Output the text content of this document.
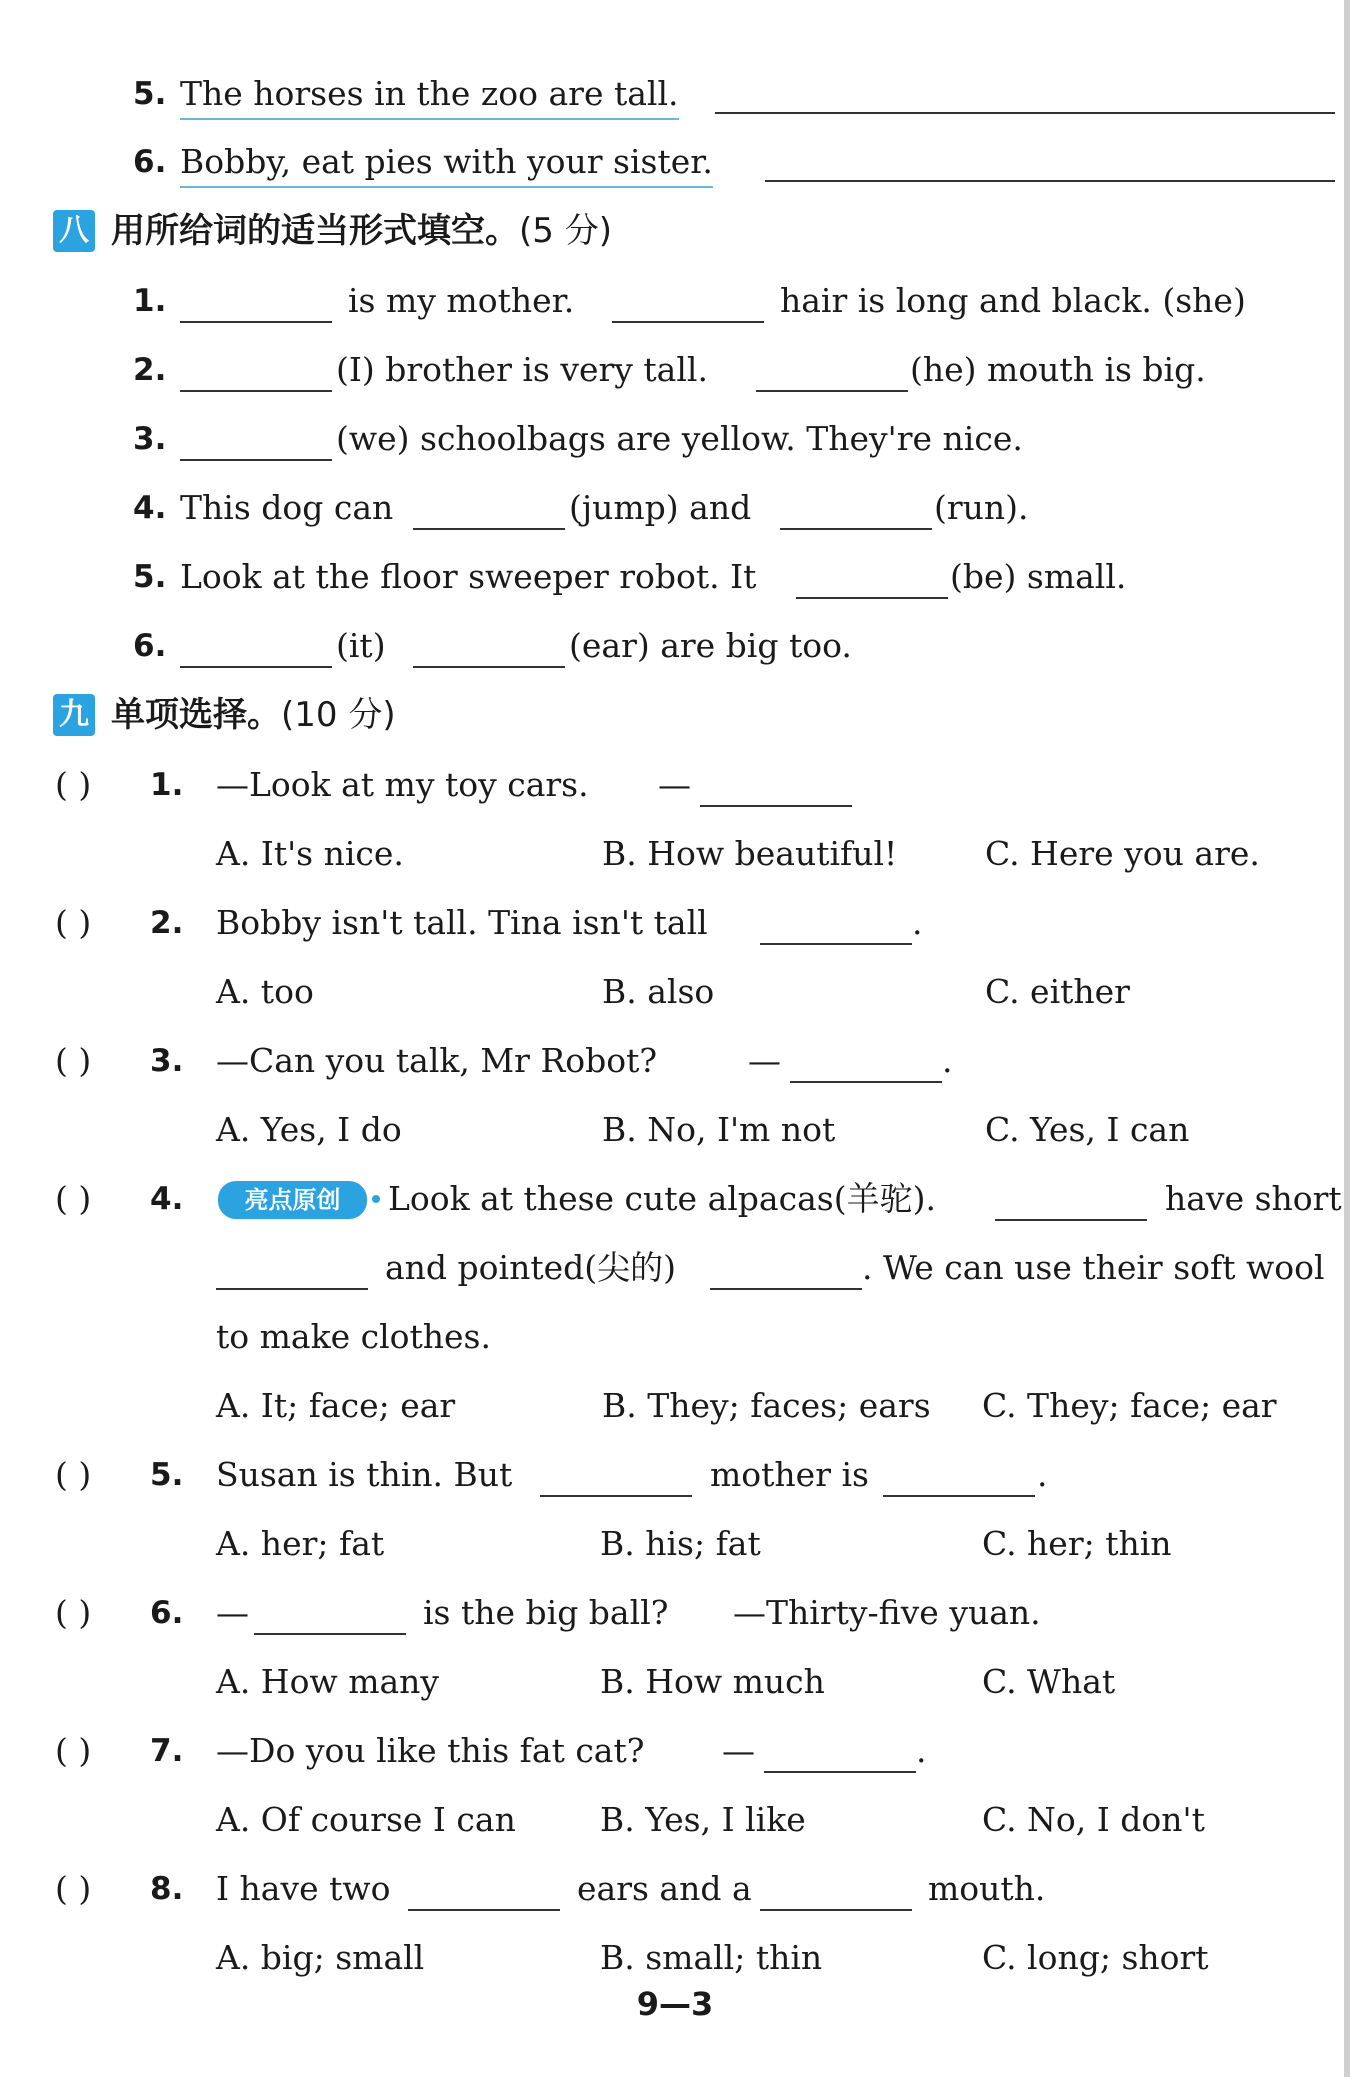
5. The horses in the zoo are tall.
6. Bobby, eat pies with your sister.
八 用所给词的适当形式填空。(5 分)
1.	is my mother.	hair is long and black. (she)
2.	(I) brother is very tall.	(he) mouth is big.
3.	(we) schoolbags are yellow. They're nice.
4. This dog can	(jump) and	(run).
5. Look at the floor sweeper robot. It	(be) small.
6.	(it)	(ear) are big too.
九 单项选择。(10 分)
( ) 1. —Look at my toy cars. —
A. It's nice.	B. How beautiful!	C. Here you are.
( ) 2. Bobby isn't tall. Tina isn't tall	.
A. too	B. also	C. either
( ) 3. —Can you talk, Mr Robot?	—	.
A. Yes, I do	B. No, I'm not	C. Yes, I can
( ) 4.	亮点原创	Look at these cute alpacas(羊驼).	have short
and pointed(尖的)	. We can use their soft wool
to make clothes.
A. It; face; ear	B. They; faces; ears C. They; face; ear
( ) 5. Susan is thin. But	mother is	.
A. her; fat	B. his; fat	C. her; thin
( ) 6. —	is the big ball? —Thirty-five yuan.
A. How many	B. How much	C. What
( ) 7. —Do you like this fat cat? —	.
A. Of course I can	B. Yes, I like	C. No, I don't
( ) 8. I have two	ears and a	mouth.
A. big; small	B. small; thin	C. long; short
9—3
